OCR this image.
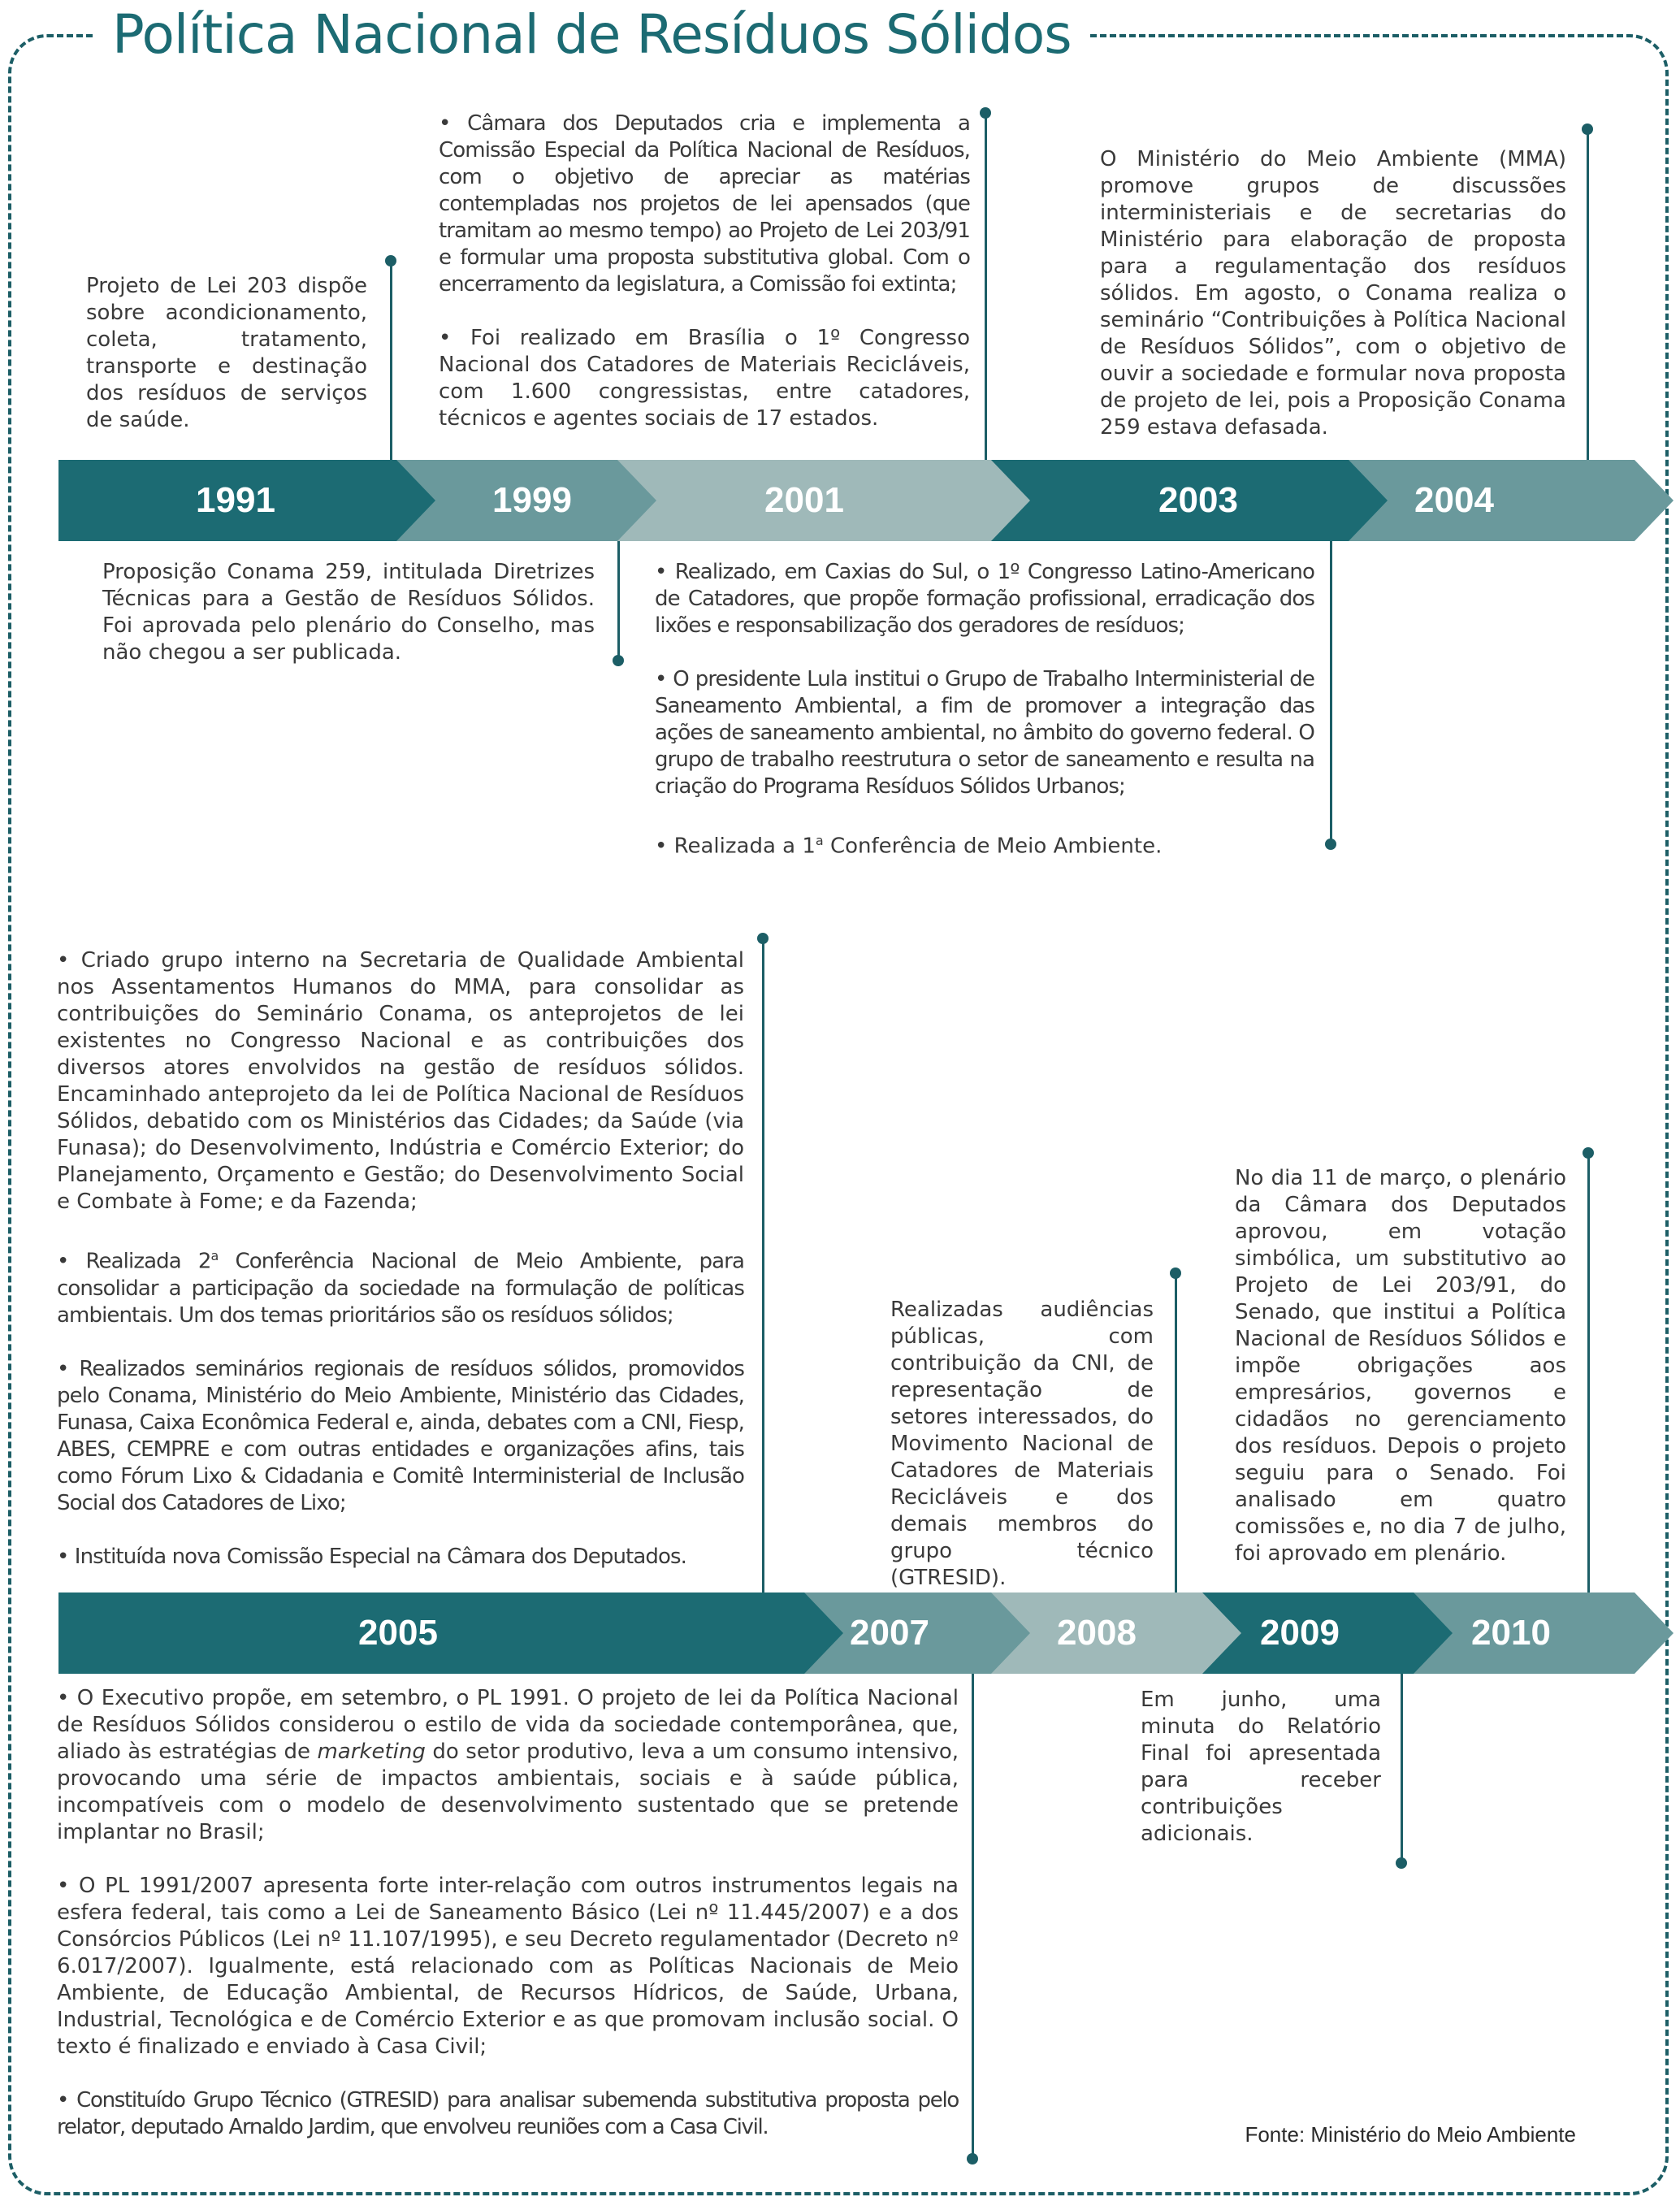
Política Nacional de Resíduos Sólidos
1991	1999	2001	2003	2004

Projeto de Lei 203 dispõe sobre acondicionamento, coleta, tratamento, transporte e destinação dos resíduos de serviços de saúde.

Proposição Conama 259, intitulada Diretrizes Técnicas para a Gestão de Resíduos Sólidos. Foi aprovada pelo plenário do Conselho, mas não chegou a ser publicada.

• Câmara dos Deputados cria e implementa a Comissão Especial da Política Nacional de Resíduos, com o objetivo de apreciar as matérias contempladas nos projetos de lei apensados (que tramitam ao mesmo tempo) ao Projeto de Lei 203/91 e formular uma proposta substitutiva global. Com o encerramento da legislatura, a Comissão foi extinta;

• Foi realizado em Brasília o 1º Congresso Nacional dos Catadores de Materiais Recicláveis, com 1.600 congressistas, entre catadores, técnicos e agentes sociais de 17 estados.

• Realizado, em Caxias do Sul, o 1º Congresso Latino-Americano de Catadores, que propõe formação profissional, erradicação dos lixões e responsabilização dos geradores de resíduos;

• O presidente Lula institui o Grupo de Trabalho Interministerial de Saneamento Ambiental, a fim de promover a integração das ações de saneamento ambiental, no âmbito do governo federal. O grupo de trabalho reestrutura o setor de saneamento e resulta na criação do Programa Resíduos Sólidos Urbanos;

• Realizada a 1$^a$ Conferência de Meio Ambiente.

O Ministério do Meio Ambiente (MMA) promove grupos de discussões interministeriais e de secretarias do Ministério para elaboração de proposta para a regulamentação dos resíduos sólidos. Em agosto, o Conama realiza o seminário “Contribuições à Política Nacional de Resíduos Sólidos”, com o objetivo de ouvir a sociedade e formular nova proposta de projeto de lei, pois a Proposição Conama 259 estava defasada.

2005	2007	2008	2009	2010

• Criado grupo interno na Secretaria de Qualidade Ambiental nos Assentamentos Humanos do MMA, para consolidar as contribuições do Seminário Conama, os anteprojetos de lei existentes no Congresso Nacional e as contribuições dos diversos atores envolvidos na gestão de resíduos sólidos. Encaminhado anteprojeto da lei de Política Nacional de Resíduos Sólidos, debatido com os Ministérios das Cidades; da Saúde (via Funasa); do Desenvolvimento, Indústria e Comércio Exterior; do Planejamento, Orçamento e Gestão; do Desenvolvimento Social e Combate à Fome; e da Fazenda;

• Realizada 2$^a$ Conferência Nacional de Meio Ambiente, para consolidar a participação da sociedade na formulação de políticas ambientais. Um dos temas prioritários são os resíduos sólidos;

• Realizados seminários regionais de resíduos sólidos, promovidos pelo Conama, Ministério do Meio Ambiente, Ministério das Cidades, Funasa, Caixa Econômica Federal e, ainda, debates com a CNI, Fiesp, ABES, CEMPRE e com outras entidades e organizações afins, tais como Fórum Lixo & Cidadania e Comitê Interministerial de Inclusão Social dos Catadores de Lixo;

• Instituída nova Comissão Especial na Câmara dos Deputados.

Realizadas audiências públicas, com contribuição da CNI, de representação de setores interessados, do Movimento Nacional de Catadores de Materiais Recicláveis e dos demais membros do grupo técnico (GTRESID).

No dia 11 de março, o plenário da Câmara dos Deputados aprovou, em votação simbólica, um substitutivo ao Projeto de Lei 203/91, do Senado, que institui a Política Nacional de Resíduos Sólidos e impõe obrigações aos empresários, governos e cidadãos no gerenciamento dos resíduos. Depois o projeto seguiu para o Senado. Foi analisado em quatro comissões e, no dia 7 de julho, foi aprovado em plenário.

• O Executivo propõe, em setembro, o PL 1991. O projeto de lei da Política Nacional de Resíduos Sólidos considerou o estilo de vida da sociedade contemporânea, que, aliado às estratégias de marketing do setor produtivo, leva a um consumo intensivo, provocando uma série de impactos ambientais, sociais e à saúde pública, incompatíveis com o modelo de desenvolvimento sustentado que se pretende implantar no Brasil;

• O PL 1991/2007 apresenta forte inter-relação com outros instrumentos legais na esfera federal, tais como a Lei de Saneamento Básico (Lei nº 11.445/2007) e a dos Consórcios Públicos (Lei nº 11.107/1995), e seu Decreto regulamentador (Decreto nº 6.017/2007). Igualmente, está relacionado com as Políticas Nacionais de Meio Ambiente, de Educação Ambiental, de Recursos Hídricos, de Saúde, Urbana, Industrial, Tecnológica e de Comércio Exterior e as que promovam inclusão social. O texto é finalizado e enviado à Casa Civil;

• Constituído Grupo Técnico (GTRESID) para analisar subemenda substitutiva proposta pelo relator, deputado Arnaldo Jardim, que envolveu reuniões com a Casa Civil.

Em junho, uma minuta do Relatório Final foi apresentada para receber contribuições adicionais.

Fonte: Ministério do Meio Ambiente
